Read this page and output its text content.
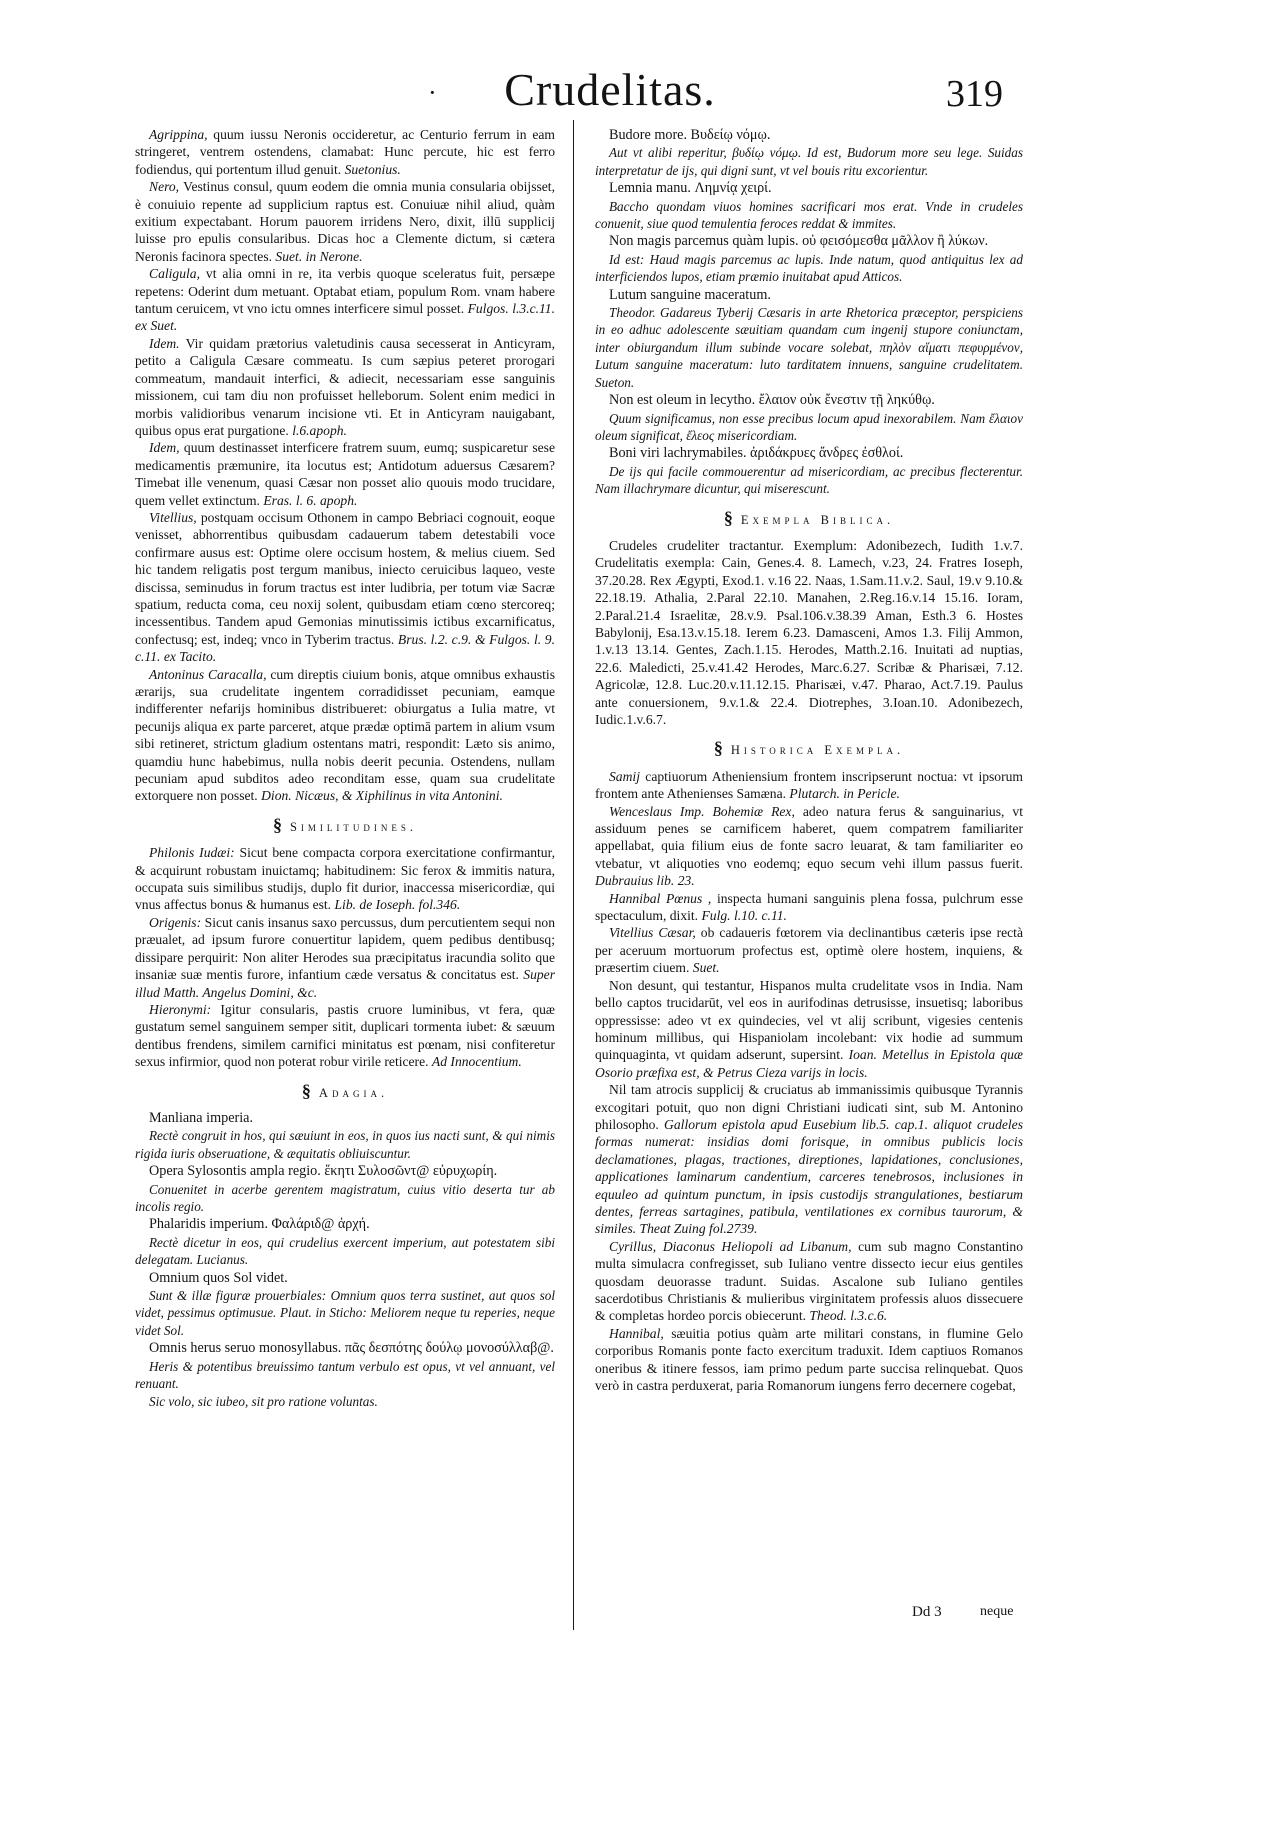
·	Crudelitas.	319

Agrippina, quum iussu Neronis occideretur, ac Centurio ferrum in eam stringeret, ventrem ostendens, clamabat: Hunc percute, hic est ferro fodiendus, qui portentum illud genuit. Suetonius.

Nero, Vestinus consul, quum eodem die omnia munia consularia obijsset, è conuiuio repente ad supplicium raptus est. Conuiuæ nihil aliud, quàm exitium expectabant. Horum pauorem irridens Nero, dixit, illū supplicij luisse pro epulis consularibus. Dicas hoc a Clemente dictum, si cætera Neronis facinora spectes. Suet. in Nerone.

Caligula, vt alia omni in re, ita verbis quoque sceleratus fuit, persæpe repetens: Oderint dum metuant. Optabat etiam, populum Rom. vnam habere tantum ceruicem, vt vno ictu omnes interficere simul posset. Fulgos. l.3.c.11. ex Suet.

Idem. Vir quidam prætorius valetudinis causa secesserat in Anticyram, petito a Caligula Cæsare commeatu. Is cum sæpius peteret prorogari commeatum, mandauit interfici, & adiecit, necessariam esse sanguinis missionem, cui tam diu non profuisset helleborum. Solent enim medici in morbis validioribus venarum incisione vti. Et in Anticyram nauigabant, quibus opus erat purgatione. l.6.apoph.

Idem, quum destinasset interficere fratrem suum, eumq; suspicaretur sese medicamentis præmunire, ita locutus est; Antidotum aduersus Cæsarem? Timebat ille venenum, quasi Cæsar non posset alio quouis modo trucidare, quem vellet extinctum. Eras. l. 6. apoph.

Vitellius, postquam occisum Othonem in campo Bebriaci cognouit, eoque venisset, abhorrentibus quibusdam cadauerum tabem detestabili voce confirmare ausus est: Optime olere occisum hostem, & melius ciuem. Sed hic tandem religatis post tergum manibus, iniecto ceruicibus laqueo, veste discissa, seminudus in forum tractus est inter ludibria, per totum viæ Sacræ spatium, reducta coma, ceu noxij solent, quibusdam etiam cœno stercoreq; incessentibus. Tandem apud Gemonias minutissimis ictibus excarnificatus, confectusq; est, indeq; vnco in Tyberim tractus. Brus. l.2. c.9. & Fulgos. l. 9. c.11. ex Tacito.

Antoninus Caracalla, cum direptis ciuium bonis, atque omnibus exhaustis ærarijs, sua crudelitate ingentem corradidisset pecuniam, eamque indifferenter nefarijs hominibus distribueret: obiurgatus a Iulia matre, vt pecunijs aliqua ex parte parceret, atque prædæ optimā partem in alium vsum sibi retineret, strictum gladium ostentans matri, respondit: Læto sis animo, quamdiu hunc habebimus, nulla nobis deerit pecunia. Ostendens, nullam pecuniam apud subditos adeo reconditam esse, quam sua crudelitate extorquere non posset. Dion. Nicæus, & Xiphilinus in vita Antonini.

§ Similitudines.

Philonis Iudæi: Sicut bene compacta corpora exercitatione confirmantur, & acquirunt robustam inuictamq; habitudinem: Sic ferox & immitis natura, occupata suis similibus studijs, duplo fit durior, inaccessa misericordiæ, qui vnus affectus bonus & humanus est. Lib. de Ioseph. fol.346.

Origenis: Sicut canis insanus saxo percussus, dum percutientem sequi non præualet, ad ipsum furore conuertitur lapidem, quem pedibus dentibusq; dissipare perquirit: Non aliter Herodes sua præcipitatus iracundia solito que insaniæ suæ mentis furore, infantium cæde versatus & concitatus est. Super illud Matth. Angelus Domini, &c.

Hieronymi: Igitur consularis, pastis cruore luminibus, vt fera, quæ gustatum semel sanguinem semper sitit, duplicari tormenta iubet: & sæuum dentibus frendens, similem carnifici minitatus est pœnam, nisi confiteretur sexus infirmior, quod non poterat robur virile reticere. Ad Innocentium.

§ Adagia.

Manliana imperia.

Rectè congruit in hos, qui sæuiunt in eos, in quos ius nacti sunt, & qui nimis rigida iuris obseruatione, & æquitatis obliuiscuntur.

Opera Sylosontis ampla regio. ἕκητι Συλοσῶντ@ εὐρυχωρίη.

Conuenitet in acerbe gerentem magistratum, cuius vitio deserta tur ab incolis regio.

Phalaridis imperium. Φαλάριδ@ ἀρχή.

Rectè dicetur in eos, qui crudelius exercent imperium, aut potestatem sibi delegatam. Lucianus.

Omnium quos Sol videt.

Sunt & illæ figuræ prouerbiales: Omnium quos terra sustinet, aut quos sol videt, pessimus optimusue. Plaut. in Sticho: Meliorem neque tu reperies, neque videt Sol.

Omnis herus seruo monosyllabus. πᾶς δεσπότης δούλῳ μονοσύλλαβ@.

Heris & potentibus breuissimo tantum verbulo est opus, vt vel annuant, vel renuant.

Sic volo, sic iubeo, sit pro ratione voluntas.

Budore more. Βυδείῳ νόμῳ.

Aut vt alibi reperitur, βυδίῳ νόμῳ. Id est, Budorum more seu lege. Suidas interpretatur de ijs, qui digni sunt, vt vel bouis ritu excorientur.

Lemnia manu. Λημνίᾳ χειρί.

Baccho quondam viuos homines sacrificari mos erat. Vnde in crudeles conuenit, siue quod temulentia feroces reddat & immites.

Non magis parcemus quàm lupis. οὐ φεισόμεσθα μᾶλλον ἢ λύκων.

Id est: Haud magis parcemus ac lupis. Inde natum, quod antiquitus lex ad interficiendos lupos, etiam præmio inuitabat apud Atticos.

Lutum sanguine maceratum.

Theodor. Gadareus Tyberij Cæsaris in arte Rhetorica præceptor, perspiciens in eo adhuc adolescente sæuitiam quandam cum ingenij stupore coniunctam, inter obiurgandum illum subinde vocare solebat, πηλὸν αἵματι πεφυρμένον, Lutum sanguine maceratum: luto tarditatem innuens, sanguine crudelitatem. Sueton.

Non est oleum in lecytho. ἔλαιον οὐκ ἔνεστιν τῇ ληκύθῳ.

Quum significamus, non esse precibus locum apud inexorabilem. Nam ἔλαιον oleum significat, ἔλεος misericordiam.

Boni viri lachrymabiles. ἀριδάκρυες ἄνδρες ἐσθλοί.

De ijs qui facile commouerentur ad misericordiam, ac precibus flecterentur. Nam illachrymare dicuntur, qui miserescunt.

§ Exempla Biblica.

Crudeles crudeliter tractantur. Exemplum: Adonibezech, Iudith 1.v.7. Crudelitatis exempla: Cain, Genes.4. 8. Lamech, v.23, 24. Fratres Ioseph, 37.20.28. Rex Ægypti, Exod.1. v.16 22. Naas, 1.Sam.11.v.2. Saul, 19.v 9.10.& 22.18.19. Athalia, 2.Paral 22.10. Manahen, 2.Reg.16.v.14 15.16. Ioram, 2.Paral.21.4 Israelitæ, 28.v.9. Psal.106.v.38.39 Aman, Esth.3 6. Hostes Babylonij, Esa.13.v.15.18. Ierem 6.23. Damasceni, Amos 1.3. Filij Ammon, 1.v.13 13.14. Gentes, Zach.1.15. Herodes, Matth.2.16. Inuitati ad nuptias, 22.6. Maledicti, 25.v.41.42 Herodes, Marc.6.27. Scribæ & Pharisæi, 7.12. Agricolæ, 12.8. Luc.20.v.11.12.15. Pharisæi, v.47. Pharao, Act.7.19. Paulus ante conuersionem, 9.v.1.& 22.4. Diotrephes, 3.Ioan.10. Adonibezech, Iudic.1.v.6.7.

§ Historica Exempla.

Samij captiuorum Atheniensium frontem inscripserunt noctua: vt ipsorum frontem ante Athenienses Samæna. Plutarch. in Pericle.

Wenceslaus Imp. Bohemiæ Rex, adeo natura ferus & sanguinarius, vt assiduum penes se carnificem haberet, quem compatrem familiariter appellabat, quia filium eius de fonte sacro leuarat, & tam familiariter eo vtebatur, vt aliquoties vno eodemq; equo secum vehi illum passus fuerit. Dubrauius lib. 23.

Hannibal Pœnus , inspecta humani sanguinis plena fossa, pulchrum esse spectaculum, dixit. Fulg. l.10. c.11.

Vitellius Cæsar, ob cadaueris fœtorem via declinantibus cæteris ipse rectà per aceruum mortuorum profectus est, optimè olere hostem, inquiens, & præsertim ciuem. Suet.

Non desunt, qui testantur, Hispanos multa crudelitate vsos in India. Nam bello captos trucidarūt, vel eos in aurifodinas detrusisse, insuetisq; laboribus oppressisse: adeo vt ex quindecies, vel vt alij scribunt, vigesies centenis hominum millibus, qui Hispaniolam incolebant: vix hodie ad summum quinquaginta, vt quidam adserunt, supersint. Ioan. Metellus in Epistola quæ Osorio præfixa est, & Petrus Cieza varijs in locis.

Nil tam atrocis supplicij & cruciatus ab immanissimis quibusque Tyrannis excogitari potuit, quo non digni Christiani iudicati sint, sub M. Antonino philosopho. Gallorum epistola apud Eusebium lib.5. cap.1. aliquot crudeles formas numerat: insidias domi forisque, in omnibus publicis locis declamationes, plagas, tractiones, direptiones, lapidationes, conclusiones, applicationes laminarum candentium, carceres tenebrosos, inclusiones in equuleo ad quintum punctum, in ipsis custodijs strangulationes, bestiarum dentes, ferreas sartagines, patibula, ventilationes ex cornibus taurorum, & similes. Theat Zuing fol.2739.

Cyrillus, Diaconus Heliopoli ad Libanum, cum sub magno Constantino multa simulacra confregisset, sub Iuliano ventre dissecto iecur eius gentiles quosdam deuorasse tradunt. Suidas. Ascalone sub Iuliano gentiles sacerdotibus Christianis & mulieribus virginitatem professis aluos dissecuere & completas hordeo porcis obiecerunt. Theod. l.3.c.6.

Hannibal, sæuitia potius quàm arte militari constans, in flumine Gelo corporibus Romanis ponte facto exercitum traduxit. Idem captiuos Romanos oneribus & itinere fessos, iam primo pedum parte succisa relinquebat. Quos verò in castra perduxerat, paria Romanorum iungens ferro decernere cogebat,

Dd 3	neque
